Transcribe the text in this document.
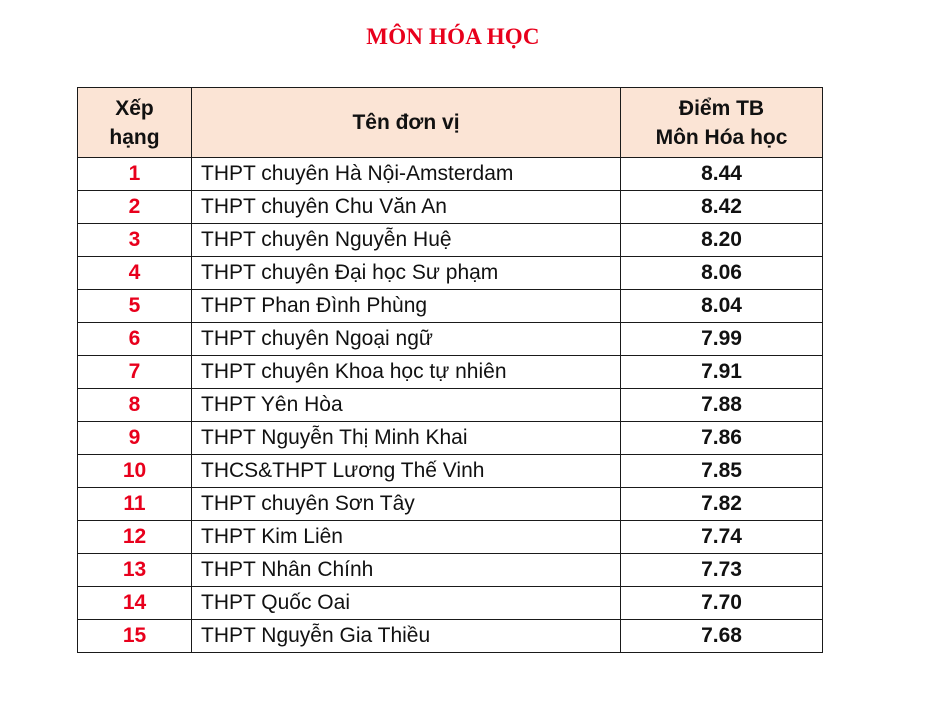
MÔN HÓA HỌC
Xếp
hạng	Tên đơn vị	Điểm TB
Môn Hóa học

1	THPT chuyên Hà Nội-Amsterdam	8.44
2	THPT chuyên Chu Văn An	8.42
3	THPT chuyên Nguyễn Huệ	8.20
4	THPT chuyên Đại học Sư phạm	8.06
5	THPT Phan Đình Phùng	8.04
6	THPT chuyên Ngoại ngữ	7.99
7	THPT chuyên Khoa học tự nhiên	7.91
8	THPT Yên Hòa	7.88
9	THPT Nguyễn Thị Minh Khai	7.86
10	THCS&THPT Lương Thế Vinh	7.85
11	THPT chuyên Sơn Tây	7.82
12	THPT Kim Liên	7.74
13	THPT Nhân Chính	7.73
14	THPT Quốc Oai	7.70
15	THPT Nguyễn Gia Thiều	7.68
